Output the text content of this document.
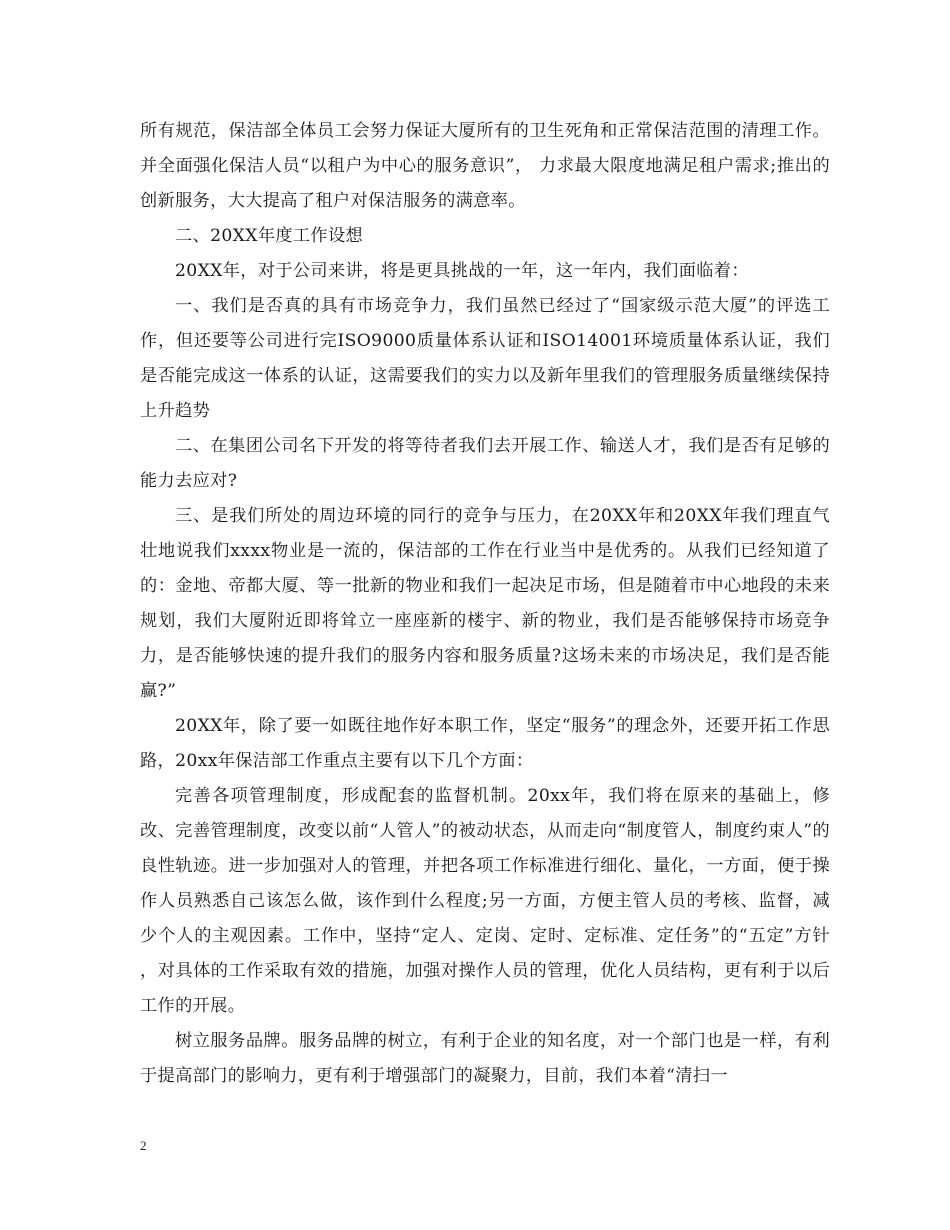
所有规范，保洁部全体员工会努力保证大厦所有的卫生死角和正常保洁范围的清理工作。并全面强化保洁人员“以租户为中心的服务意识”， 力求最大限度地满足租户需求;推出的创新服务，大大提高了租户对保洁服务的满意率。

二、20XX年度工作设想

20XX年，对于公司来讲，将是更具挑战的一年，这一年内，我们面临着：

一、我们是否真的具有市场竞争力，我们虽然已经过了“国家级示范大厦”的评选工作，但还要等公司进行完ISO9000质量体系认证和ISO14001环境质量体系认证，我们是否能完成这一体系的认证，这需要我们的实力以及新年里我们的管理服务质量继续保持上升趋势

二、在集团公司名下开发的将等待者我们去开展工作、输送人才，我们是否有足够的能力去应对?

三、是我们所处的周边环境的同行的竞争与压力，在20XX年和20XX年我们理直气壮地说我们xxxx物业是一流的，保洁部的工作在行业当中是优秀的。从我们已经知道了的：金地、帝都大厦、等一批新的物业和我们一起决足市场，但是随着市中心地段的未来规划，我们大厦附近即将耸立一座座新的楼宇、新的物业，我们是否能够保持市场竞争力，是否能够快速的提升我们的服务内容和服务质量?这场未来的市场决足，我们是否能赢?”

20XX年，除了要一如既往地作好本职工作，坚定“服务”的理念外，还要开拓工作思路，20xx年保洁部工作重点主要有以下几个方面：

完善各项管理制度，形成配套的监督机制。20xx年，我们将在原来的基础上，修改、完善管理制度，改变以前“人管人”的被动状态，从而走向“制度管人，制度约束人”的良性轨迹。进一步加强对人的管理，并把各项工作标准进行细化、量化，一方面，便于操作人员熟悉自己该怎么做，该作到什么程度;另一方面，方便主管人员的考核、监督，减少个人的主观因素。工作中，坚持“定人、定岗、定时、定标准、定任务”的“五定”方针 ，对具体的工作采取有效的措施，加强对操作人员的管理，优化人员结构，更有利于以后工作的开展。

树立服务品牌。服务品牌的树立，有利于企业的知名度，对一个部门也是一样，有利于提高部门的影响力，更有利于增强部门的凝聚力，目前，我们本着“清扫一

2
